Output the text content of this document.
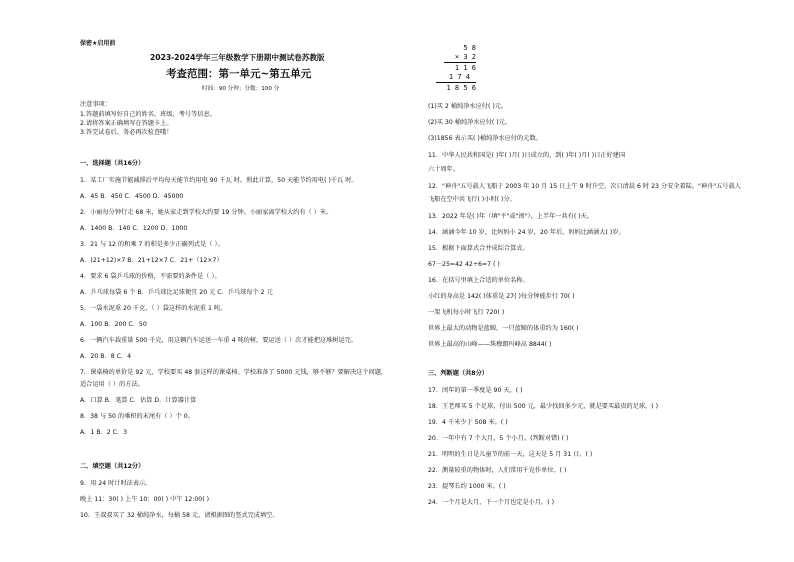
保密★启用前
2023-2024学年三年级数学下册期中测试卷苏教版
考查范围：第一单元~第五单元
时间：90 分钟；分数：100 分
注意事项：
1.答题前填写好自己的姓名、班级、考号等信息。
2.请将答案正确填写在答题卡上。
3.答完试卷后，务必再次检查哦！
一、选择题（共16分）
1．某工厂实施节能减排后平均每天能节约用电 90 千瓦 时。照此计算，50 天能节约用电( )千瓦 时。
A．45 B．450 C．4500 D．45000
2．小丽每分钟行走 68 米，她从家走到学校大约要 19 分钟。小丽家离学校大约有（ ）米。
A．1400 B．140 C．1200 D．1000
3．21 与 12 的和乘 7 的积是多少正确列式是（ ）。
A．(21+12)×7 B．21+12×7 C．21+（12×7）
4．要求 6 袋乒乓球的价格，不需要的条件是（ ）。
A．乒乓球每袋 6 个 B．乒乓球比足球便宜 20 元 C．乒乓球每个 2 元
5．一袋水泥重 20 千克，（ ）袋这样的水泥重 1 吨。
A．100 B．200 C．50
6．一辆汽车载重量 500 千克，用这辆汽车运送一车重 4 吨的树，要运送（ ）次才能把这堆树运完。
A．20 B．8 C．4
7．课桌椅的单价是 92 元，学校要买 48 套这样的课桌椅。学校准备了 5000 元钱，够不够？要解决这个问题，
适合运用（ ）的方法。
A．口算 B．笔算 C．估算 D．计算器计算
8．38 与 50 的乘积的末尾有（ ）个 0。
A．1 B．2 C．3
二、填空题（共12分）
9．用 24 时计时法表示。
晚上 11：30( ) 上午 10：00( ) 中午 12:00( )
10．王叔叔买了 32 桶纯净水，每桶 58 元，请根据图的竖式完成填空。
5 8
× 3 2
1 1 6
1 7 4
1 8 5 6
(1)买 2 桶纯净水应付( )元。
(2)买 30 桶纯净水应付( )元。
(3)1856 表示买( )桶纯净水应付的元数。
11．中华人民共和国是( )年( )月( )日成立的，到( )年( )月( )日正好建国
六十周年。
12．"神舟"五号载人飞船于 2003 年 10 月 15 日上午 9 时升空，次日清晨 6 时 23 分安全着陆。"神舟"五号载人
飞船在空中共飞行( )小时( )分。
13．2022 年是( )年（填"平"或"闰"），上半年一共有( )天。
14．涵涵今年 10 岁，比妈妈小 24 岁，20 年后，妈妈比涵涵大( )岁。
15．根据下面算式合并成综合算式。
67－25=42 42÷6=7 ( )
16．在括号里填上合适的单位名称。
小红的身高是 142( )体重是 27( )每分钟能步行 70( )
一架飞机每小时飞行 720( )
世界上最大的动物是蓝鲸，一只蓝鲸的体重约为 160( )
世界上最高的山峰——珠穆朗玛峰高 8844( )
三、判断题（共8分）
17．闰年的第一季度是 90 天。( )
18．王老师买 5 个足球，付出 500 元，最少找回多少元，就是要买最贵的足球。( )
19．4 千米少于 508 米。( )
20．一年中有 7 个大月，5 个小月。(判断对错) ( )
21．明明的生日是儿童节的前一天，这天是 5 月 31 日。( )
22．测量较重的物体时，人们常用千克作单位。( )
23．提琴长约 1000 米。( )
24．一个月是大月，下一个月也定是小月。( )
